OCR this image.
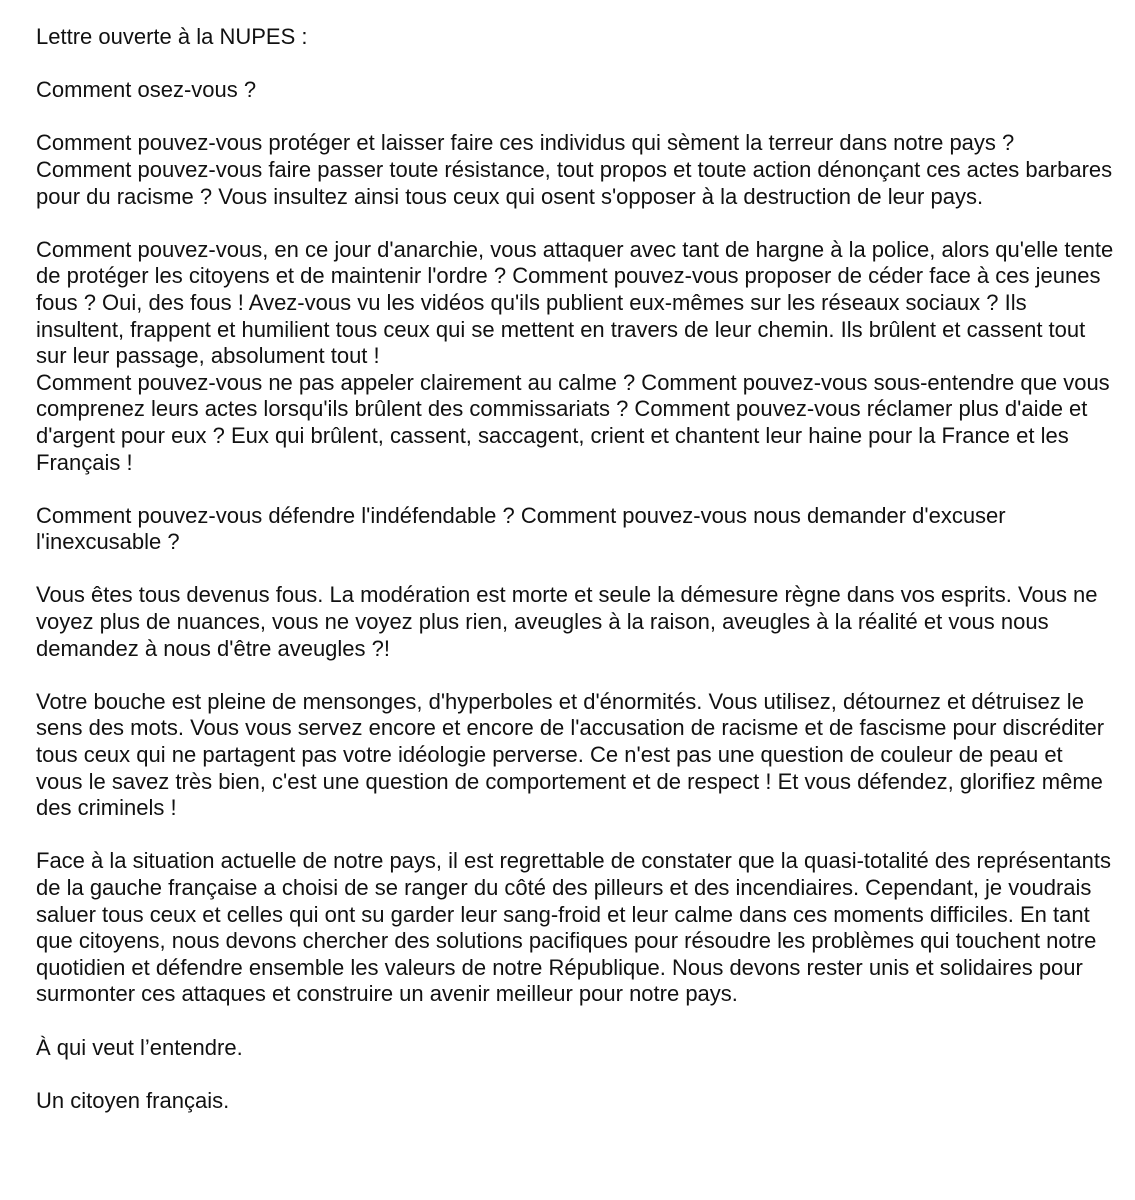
Lettre ouverte à la NUPES :

Comment osez-vous ?

Comment pouvez-vous protéger et laisser faire ces individus qui sèment la terreur dans notre pays ? Comment pouvez-vous faire passer toute résistance, tout propos et toute action dénonçant ces actes barbares pour du racisme ? Vous insultez ainsi tous ceux qui osent s'opposer à la destruction de leur pays.

Comment pouvez-vous, en ce jour d'anarchie, vous attaquer avec tant de hargne à la police, alors qu'elle tente de protéger les citoyens et de maintenir l'ordre ? Comment pouvez-vous proposer de céder face à ces jeunes fous ? Oui, des fous ! Avez-vous vu les vidéos qu'ils publient eux-mêmes sur les réseaux sociaux ? Ils insultent, frappent et humilient tous ceux qui se mettent en travers de leur chemin. Ils brûlent et cassent tout sur leur passage, absolument tout !
Comment pouvez-vous ne pas appeler clairement au calme ? Comment pouvez-vous sous-entendre que vous comprenez leurs actes lorsqu'ils brûlent des commissariats ? Comment pouvez-vous réclamer plus d'aide et d'argent pour eux ? Eux qui brûlent, cassent, saccagent, crient et chantent leur haine pour la France et les Français !

Comment pouvez-vous défendre l'indéfendable ? Comment pouvez-vous nous demander d'excuser l'inexcusable ?

Vous êtes tous devenus fous. La modération est morte et seule la démesure règne dans vos esprits. Vous ne voyez plus de nuances, vous ne voyez plus rien, aveugles à la raison, aveugles à la réalité et vous nous demandez à nous d'être aveugles ?!

Votre bouche est pleine de mensonges, d'hyperboles et d'énormités. Vous utilisez, détournez et détruisez le sens des mots. Vous vous servez encore et encore de l'accusation de racisme et de fascisme pour discréditer tous ceux qui ne partagent pas votre idéologie perverse. Ce n'est pas une question de couleur de peau et vous le savez très bien, c'est une question de comportement et de respect ! Et vous défendez, glorifiez même des criminels !

Face à la situation actuelle de notre pays, il est regrettable de constater que la quasi-totalité des représentants de la gauche française a choisi de se ranger du côté des pilleurs et des incendiaires. Cependant, je voudrais saluer tous ceux et celles qui ont su garder leur sang-froid et leur calme dans ces moments difficiles. En tant que citoyens, nous devons chercher des solutions pacifiques pour résoudre les problèmes qui touchent notre quotidien et défendre ensemble les valeurs de notre République. Nous devons rester unis et solidaires pour surmonter ces attaques et construire un avenir meilleur pour notre pays.

À qui veut l’entendre.

Un citoyen français.
